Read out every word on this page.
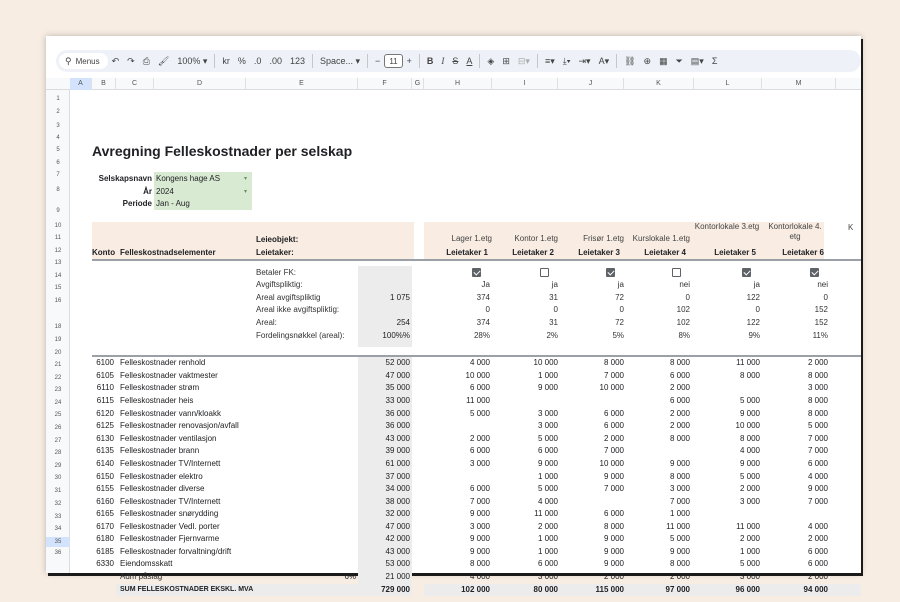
⚲ Menus	↶ ↷ ⎙ 🖌 100% ▾	kr % .0 .00 123	Space... ▾	−	11	+	B I S A	◈ ⊞ ⊟▾	≡▾ ⤓▾ ⇥▾ A▾	⛓ ⊕ ▦ ⏷ ▤▾ Σ
A	B	C	D	E	F	G	H	I	J	K	L	M
1
2
3
4
5
6
7
8
9
10
11
12
13
14
15
16
18
19
20
21
22
23
24
25
26
27
28
29
30
31
32
33
34
35
36
Avregning Felleskostnader per selskap
Selskapsnavn Kongens hage AS	▾
År 2024	▾
Periode Jan - Aug
Konto Felleskostnadselementer
Leieobjekt:
Leietaker:
Lager 1.etg	Kontor 1.etg	Frisør 1.etg	Kurslokale 1.etg
Kontorlokale 3.etg	Kontorlokale 4. etg
Leietaker 1	Leietaker 2	Leietaker 3	Leietaker 4	Leietaker 5	Leietaker 6
K
Betaler FK:
Avgiftspliktig:
Areal avgiftspliktig
Areal ikke avgiftspliktig:
Areal:
Fordelingsnøkkel (areal):
1 075
254
100%%
Ja	ja	ja	nei	ja	nei
374	31	72	0	122	0
0	0	0	102	0	152
374	31	72	102	122	152
28%	2%	5%	8%	9%	11%
6100 Felleskostnader renhold	52 000	4 000	10 000	8 000	8 000	11 000	2 000
6105 Felleskostnader vaktmester	47 000	10 000	1 000	7 000	6 000	8 000	8 000
6110 Felleskostnader strøm	35 000	6 000	9 000	10 000	2 000	3 000
6115 Felleskostnader heis	33 000	11 000	6 000	5 000	8 000
6120 Felleskostnader vann/kloakk	36 000	5 000	3 000	6 000	2 000	9 000	8 000
6125 Felleskostnader renovasjon/avfall	36 000	3 000	6 000	2 000	10 000	5 000
6130 Felleskostnader ventilasjon	43 000	2 000	5 000	2 000	8 000	8 000	7 000
6135 Felleskostnader brann	39 000	6 000	6 000	7 000	4 000	7 000
6140 Felleskostnader TV/Internett	61 000	3 000	9 000	10 000	9 000	9 000	6 000
6150 Felleskostnader elektro	37 000	1 000	9 000	8 000	5 000	4 000
6155 Felleskostnader diverse	34 000	6 000	5 000	7 000	3 000	2 000	9 000
6160 Felleskostnader TV/Internett	38 000	7 000	4 000	7 000	3 000	7 000
6165 Felleskostnader snørydding	32 000	9 000	11 000	6 000	1 000
6170 Felleskostnader Vedl. porter	47 000	3 000	2 000	8 000	11 000	11 000	4 000
6180 Felleskostnader Fjernvarme	42 000	9 000	1 000	9 000	5 000	2 000	2 000
6185 Felleskostnader forvaltning/drift	43 000	9 000	1 000	9 000	9 000	1 000	6 000
6330 Eiendomsskatt	53 000	8 000	6 000	9 000	8 000	5 000	6 000
Adm påslag	6%	21 000	4 000	3 000	2 000	2 000	3 000	2 000
SUM FELLESKOSTNADER EKSKL. MVA	729 000	102 000	80 000	115 000	97 000	96 000	94 000
